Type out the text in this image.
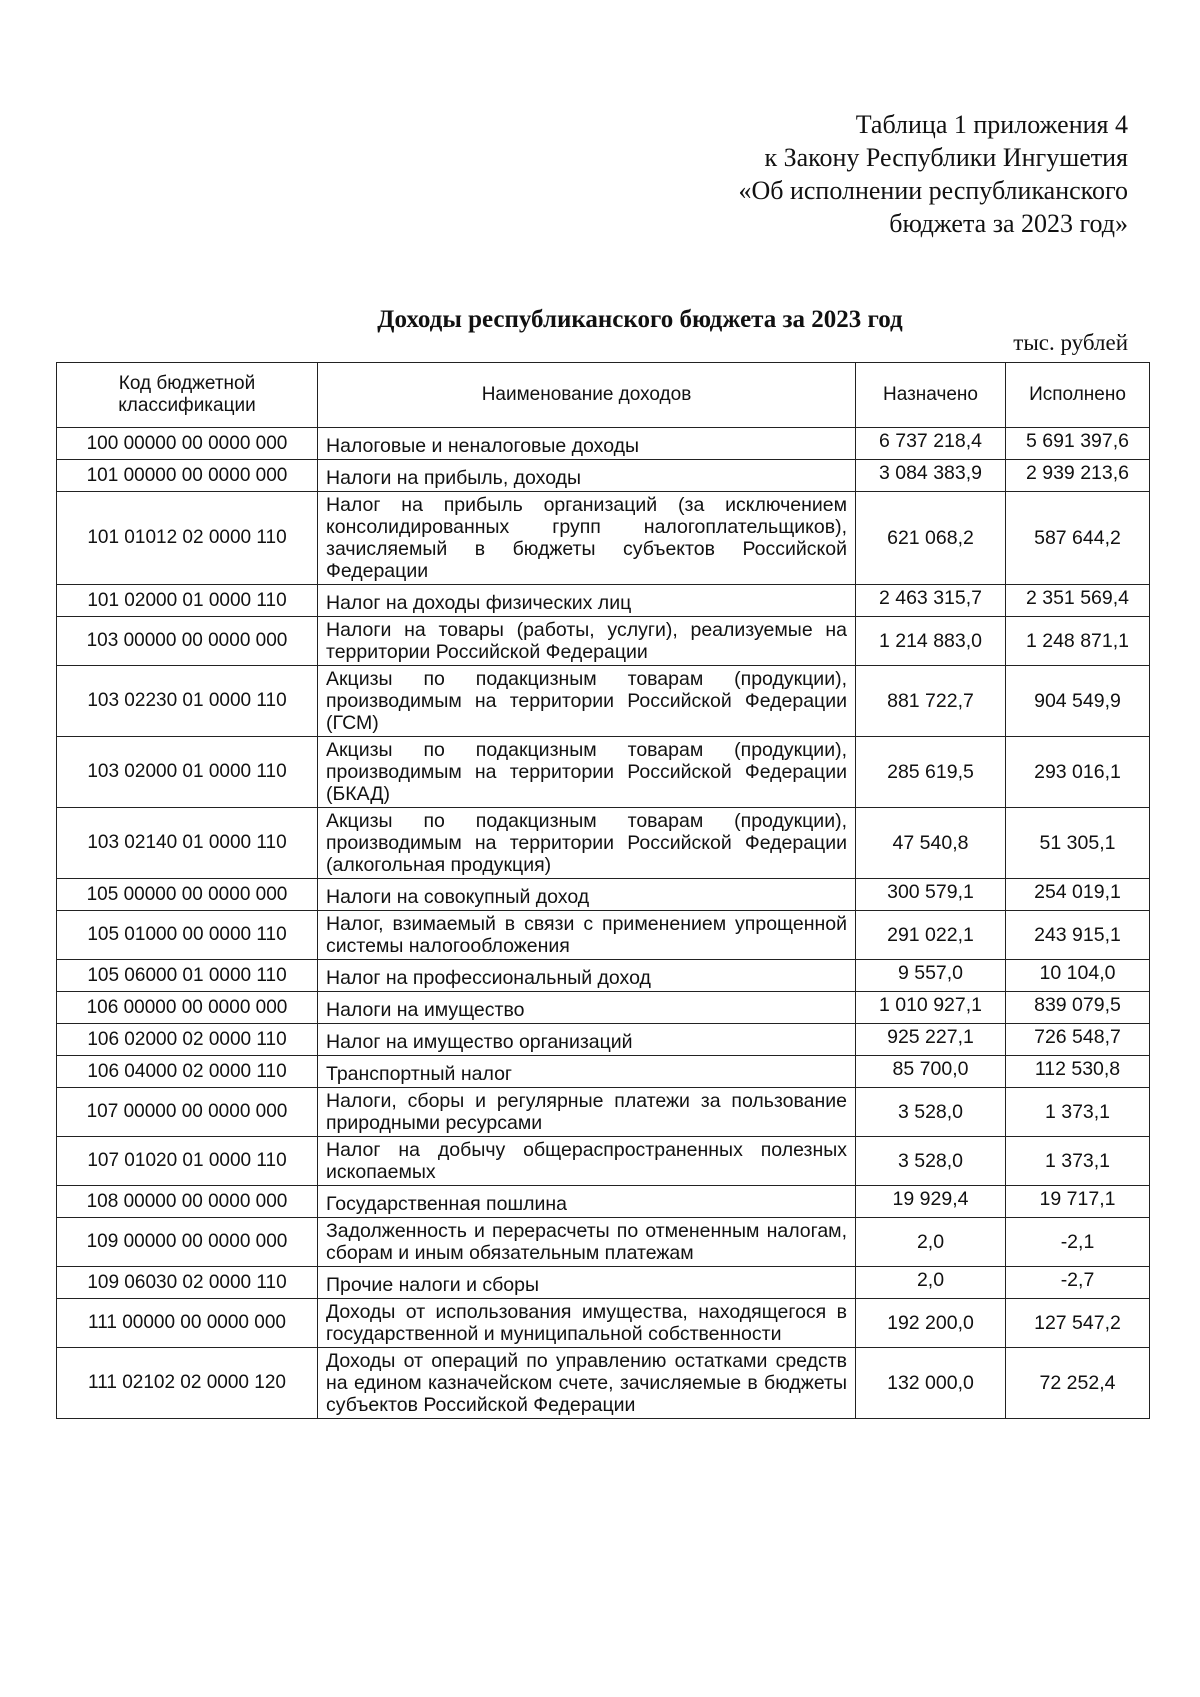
Таблица 1 приложения 4
к Закону Республики Ингушетия
«Об исполнении республиканского
бюджета за 2023 год»
Доходы республиканского бюджета за 2023 год
тыс. рублей
Код бюджетной классификации	Наименование доходов	Назначено	Исполнено
100 00000 00 0000 000	Налоговые и неналоговые доходы	6 737 218,4	5 691 397,6
101 00000 00 0000 000	Налоги на прибыль, доходы	3 084 383,9	2 939 213,6
101 01012 02 0000 110	Налог на прибыль организаций (за исключением консолидированных групп налогоплательщиков), зачисляемый в бюджеты субъектов Российской Федерации	621 068,2	587 644,2
101 02000 01 0000 110	Налог на доходы физических лиц	2 463 315,7	2 351 569,4
103 00000 00 0000 000	Налоги на товары (работы, услуги), реализуемые на территории Российской Федерации	1 214 883,0	1 248 871,1
103 02230 01 0000 110	Акцизы по подакцизным товарам (продукции), производимым на территории Российской Федерации (ГСМ)	881 722,7	904 549,9
103 02000 01 0000 110	Акцизы по подакцизным товарам (продукции), производимым на территории Российской Федерации (БКАД)	285 619,5	293 016,1
103 02140 01 0000 110	Акцизы по подакцизным товарам (продукции), производимым на территории Российской Федерации (алкогольная продукция)	47 540,8	51 305,1
105 00000 00 0000 000	Налоги на совокупный доход	300 579,1	254 019,1
105 01000 00 0000 110	Налог, взимаемый в связи с применением упрощенной системы налогообложения	291 022,1	243 915,1
105 06000 01 0000 110	Налог на профессиональный доход	9 557,0	10 104,0
106 00000 00 0000 000	Налоги на имущество	1 010 927,1	839 079,5
106 02000 02 0000 110	Налог на имущество организаций	925 227,1	726 548,7
106 04000 02 0000 110	Транспортный налог	85 700,0	112 530,8
107 00000 00 0000 000	Налоги, сборы и регулярные платежи за пользование природными ресурсами	3 528,0	1 373,1
107 01020 01 0000 110	Налог на добычу общераспространенных полезных ископаемых	3 528,0	1 373,1
108 00000 00 0000 000	Государственная пошлина	19 929,4	19 717,1
109 00000 00 0000 000	Задолженность и перерасчеты по отмененным налогам, сборам и иным обязательным платежам	2,0	-2,1
109 06030 02 0000 110	Прочие налоги и сборы	2,0	-2,7
111 00000 00 0000 000	Доходы от использования имущества, находящегося в государственной и муниципальной собственности	192 200,0	127 547,2
111 02102 02 0000 120	Доходы от операций по управлению остатками средств на едином казначейском счете, зачисляемые в бюджеты субъектов Российской Федерации	132 000,0	72 252,4
